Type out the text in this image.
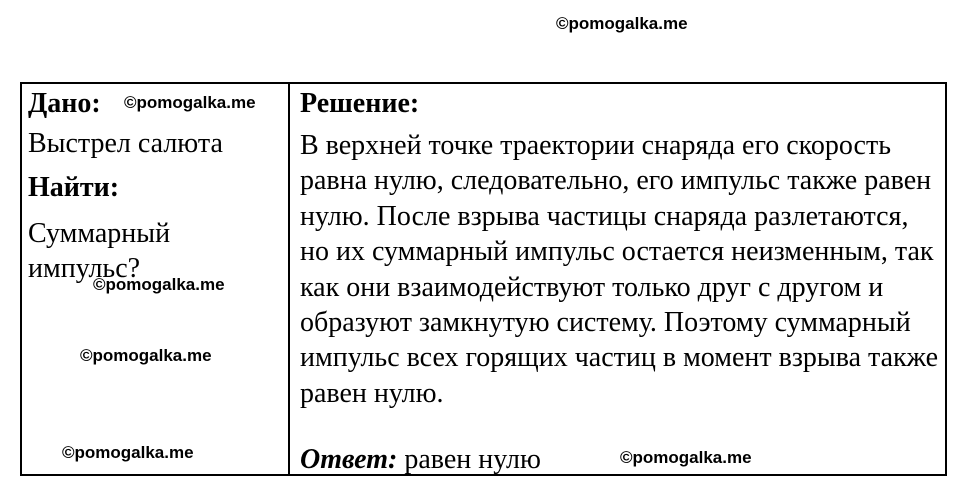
©pomogalka.me
Дано:
Выстрел салюта
Найти:
Суммарный импульс?
Решение:
В верхней точке траектории снаряда его скорость равна нулю, следовательно, его импульс также равен нулю. После взрыва частицы снаряда разлетаются, но их суммарный импульс остается неизменным, так как они взаимодействуют только друг с другом и образуют замкнутую систему. Поэтому суммарный импульс всех горящих частиц в момент взрыва также равен нулю.
Ответ: равен нулю
©pomogalka.me
©pomogalka.me
©pomogalka.me
©pomogalka.me	©pomogalka.me
